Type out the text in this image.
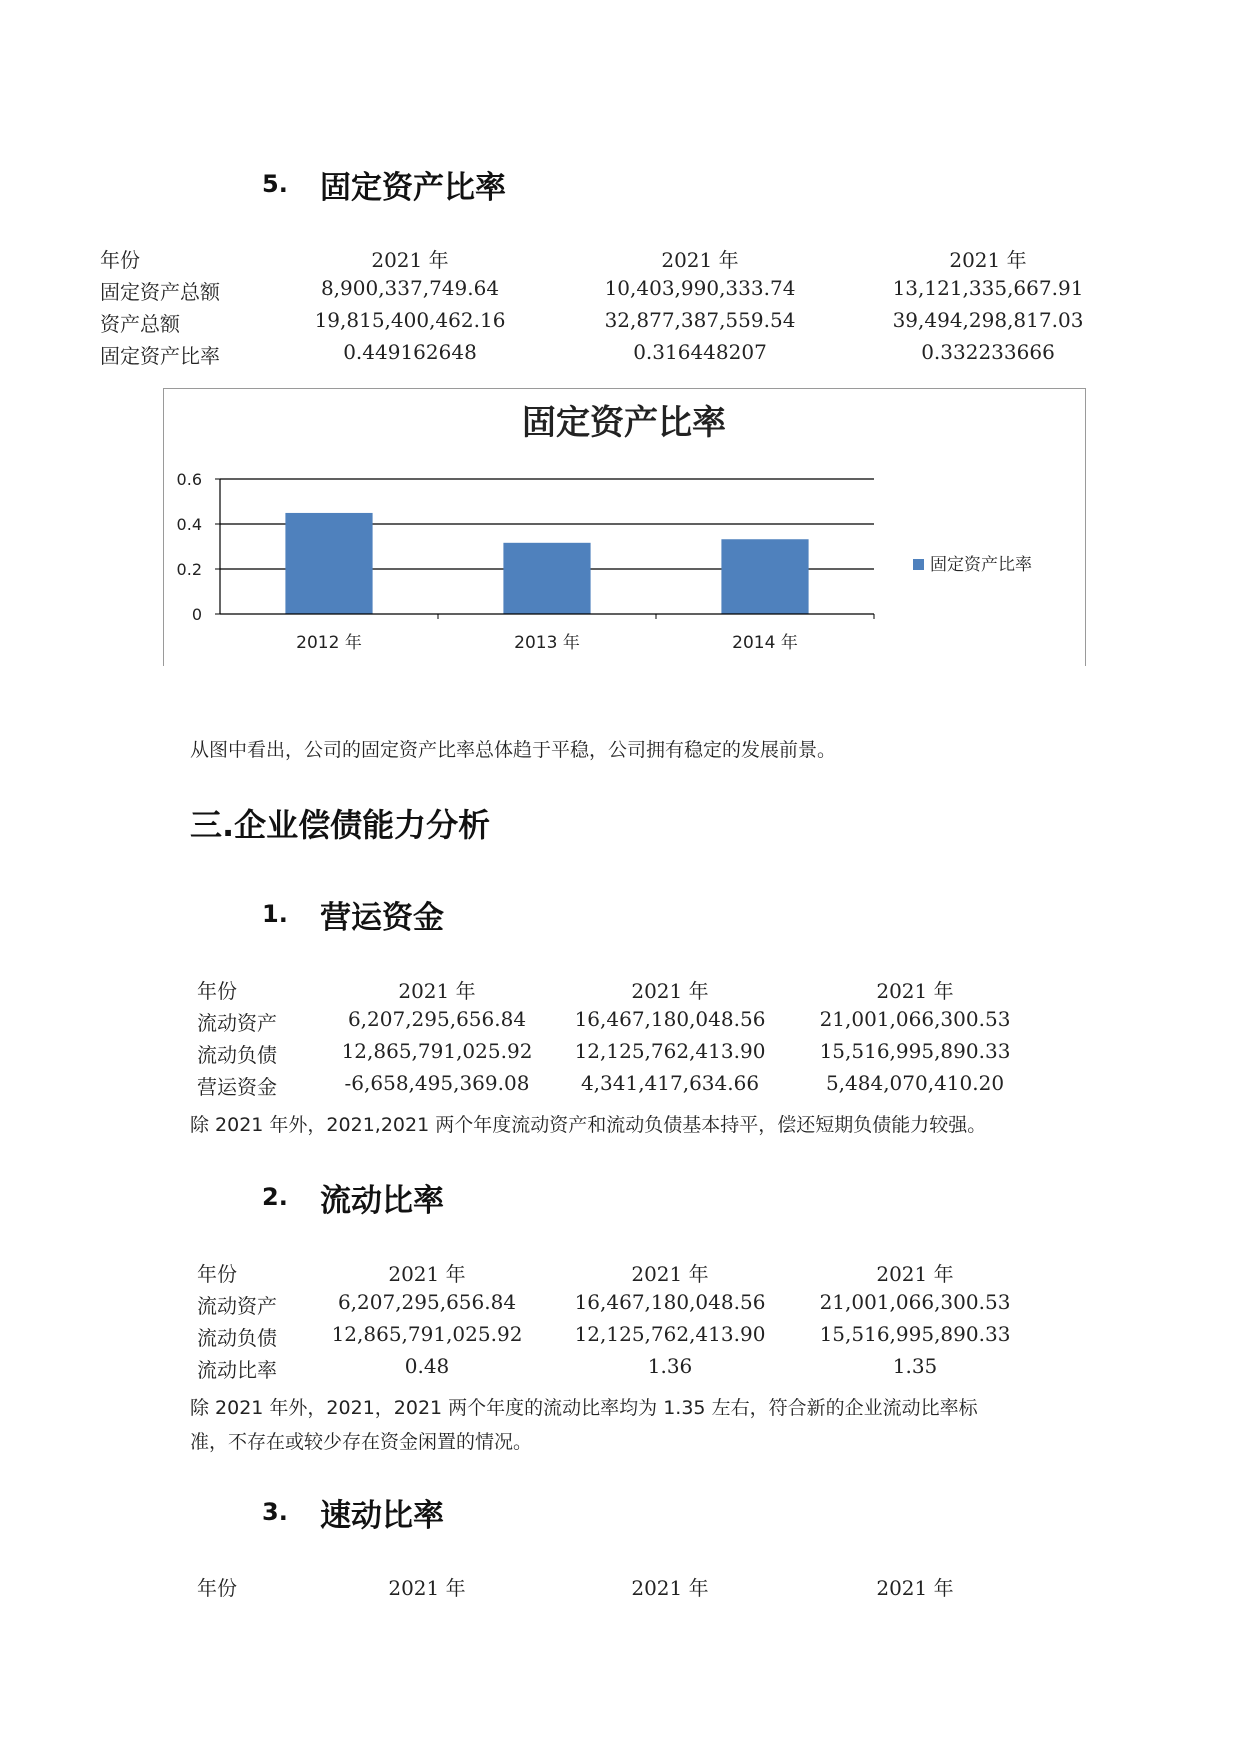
5. 固定资产比率
年份	2021 年	2021 年	2021 年
固定资产总额	8,900,337,749.64	10,403,990,333.74	13,121,335,667.91
资产总额	19,815,400,462.16	32,877,387,559.54	39,494,298,817.03
固定资产比率	0.449162648	0.316448207	0.332233666
固定资产比率
0
0.2
0.4
0.6
2012 年	2013 年	2014 年
固定资产比率
从图中看出，公司的固定资产比率总体趋于平稳，公司拥有稳定的发展前景。
三.企业偿债能力分析
1. 营运资金
年份	2021 年	2021 年	2021 年
流动资产	6,207,295,656.84	16,467,180,048.56	21,001,066,300.53
流动负债	12,865,791,025.92	12,125,762,413.90	15,516,995,890.33
营运资金	-6,658,495,369.08	4,341,417,634.66	5,484,070,410.20
除 2021 年外，2021,2021 两个年度流动资产和流动负债基本持平，偿还短期负债能力较强。
2. 流动比率
年份	2021 年	2021 年	2021 年
流动资产	6,207,295,656.84	16,467,180,048.56	21,001,066,300.53
流动负债	12,865,791,025.92	12,125,762,413.90	15,516,995,890.33
流动比率	0.48	1.36	1.35
除 2021 年外，2021，2021 两个年度的流动比率均为 1.35 左右，符合新的企业流动比率标
准，不存在或较少存在资金闲置的情况。
3. 速动比率
年份	2021 年	2021 年	2021 年
